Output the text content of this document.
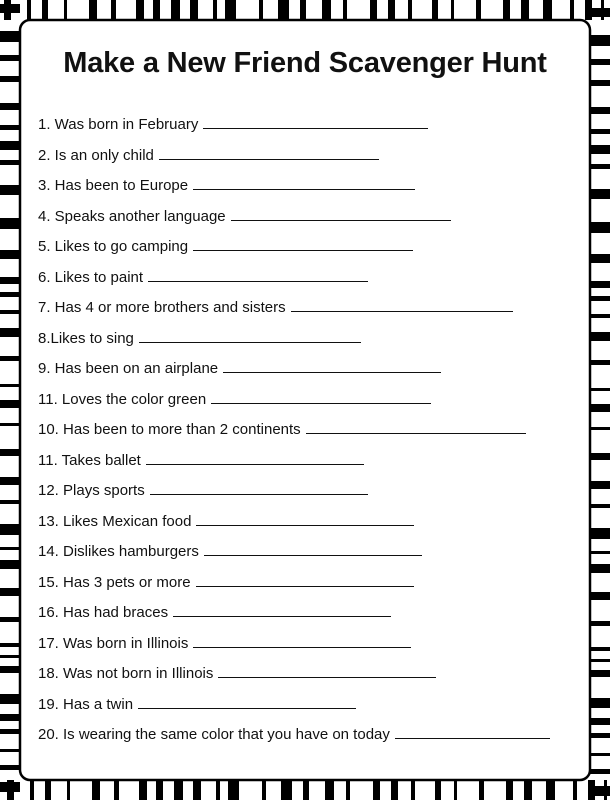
Make a New Friend Scavenger Hunt
1. Was born in February
2. Is an only child
3. Has been to Europe
4. Speaks another language
5. Likes to go camping
6. Likes to paint
7. Has 4 or more brothers and sisters
8.Likes to sing
9. Has been on an airplane
11. Loves the color green
10. Has been to more than 2 continents
11. Takes ballet
12. Plays sports
13. Likes Mexican food
14. Dislikes hamburgers
15. Has 3 pets or more
16. Has had braces
17. Was born in Illinois
18. Was not born in Illinois
19. Has a twin
20. Is wearing the same color that you have on today
